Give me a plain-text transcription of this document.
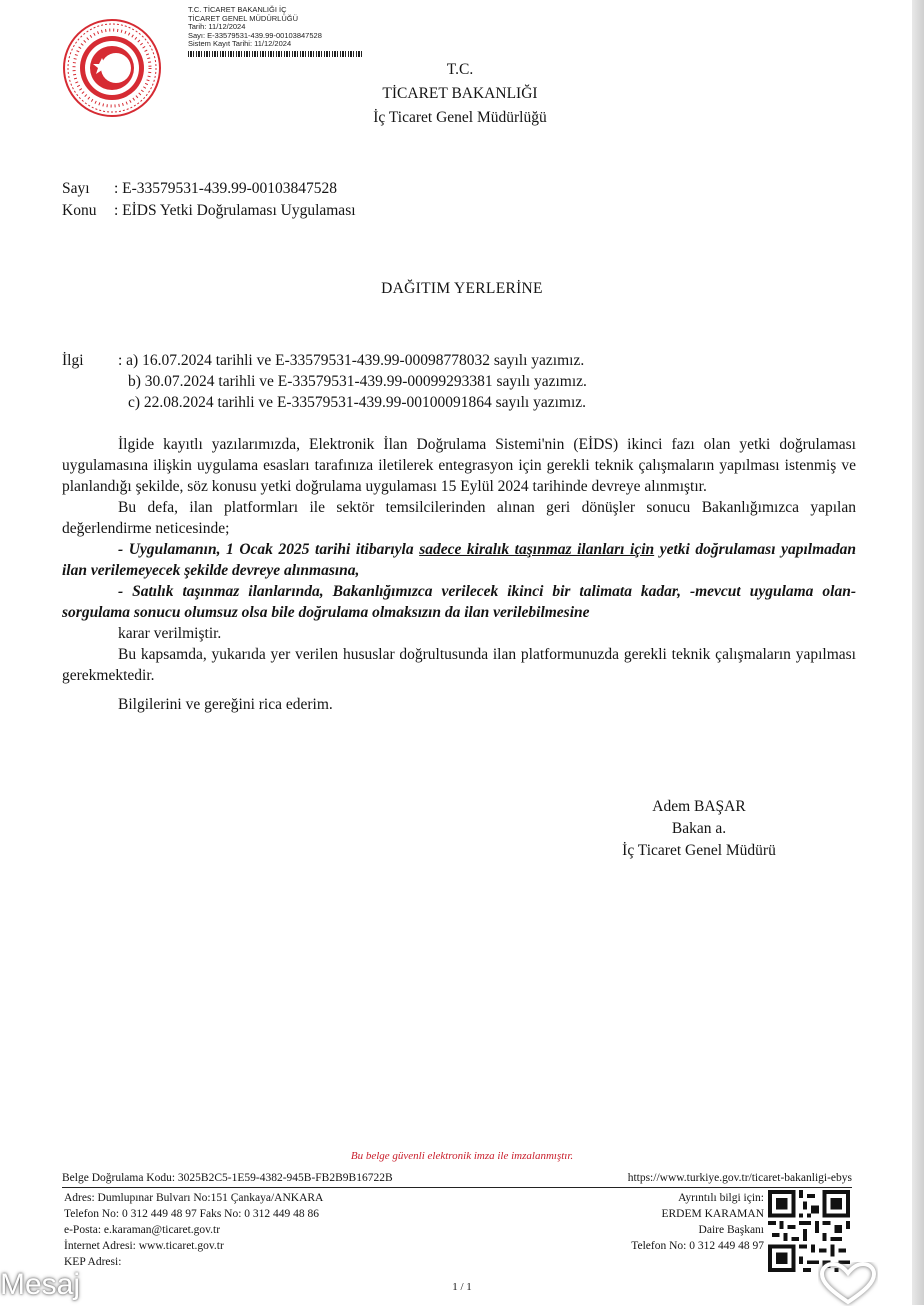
T.C. TİCARET BAKANLIĞI İÇ
TİCARET GENEL MÜDÜRLÜĞÜ
Tarih: 11/12/2024
Sayı: E-33579531-439.99-00103847528
Sistem Kayıt Tarihi: 11/12/2024
T.C.
TİCARET BAKANLIĞI
İç Ticaret Genel Müdürlüğü
Sayı : E-33579531-439.99-00103847528
Konu : EİDS Yetki Doğrulaması Uygulaması
DAĞITIM YERLERİNE
İlgi : a) 16.07.2024 tarihli ve E-33579531-439.99-00098778032 sayılı yazımız.
b) 30.07.2024 tarihli ve E-33579531-439.99-00099293381 sayılı yazımız.
c) 22.08.2024 tarihli ve E-33579531-439.99-00100091864 sayılı yazımız.

İlgide kayıtlı yazılarımızda, Elektronik İlan Doğrulama Sistemi'nin (EİDS) ikinci fazı olan yetki doğrulaması uygulamasına ilişkin uygulama esasları tarafınıza iletilerek entegrasyon için gerekli teknik çalışmaların yapılması istenmiş ve planlandığı şekilde, söz konusu yetki doğrulama uygulaması 15 Eylül 2024 tarihinde devreye alınmıştır.

Bu defa, ilan platformları ile sektör temsilcilerinden alınan geri dönüşler sonucu Bakanlığımızca yapılan değerlendirme neticesinde;

- Uygulamanın, 1 Ocak 2025 tarihi itibarıyla sadece kiralık taşınmaz ilanları için yetki doğrulaması yapılmadan ilan verilemeyecek şekilde devreye alınmasına,

- Satılık taşınmaz ilanlarında, Bakanlığımızca verilecek ikinci bir talimata kadar, -mevcut uygulama olan- sorgulama sonucu olumsuz olsa bile doğrulama olmaksızın da ilan verilebilmesine

karar verilmiştir.

Bu kapsamda, yukarıda yer verilen hususlar doğrultusunda ilan platformunuzda gerekli teknik çalışmaların yapılması gerekmektedir.

Bilgilerini ve gereğini rica ederim.

Adem BAŞAR
Bakan a.
İç Ticaret Genel Müdürü
Bu belge güvenli elektronik imza ile imzalanmıştır.
Belge Doğrulama Kodu: 3025B2C5-1E59-4382-945B-FB2B9B16722B	https://www.turkiye.gov.tr/ticaret-bakanligi-ebys
Adres: Dumlupınar Bulvarı No:151 Çankaya/ANKARA
Telefon No: 0 312 449 48 97 Faks No: 0 312 449 48 86
e-Posta: e.karaman@ticaret.gov.tr
İnternet Adresi: www.ticaret.gov.tr
KEP Adresi:
Ayrıntılı bilgi için:
ERDEM KARAMAN
Daire Başkanı
Telefon No: 0 312 449 48 97
1 / 1
Mesaj
